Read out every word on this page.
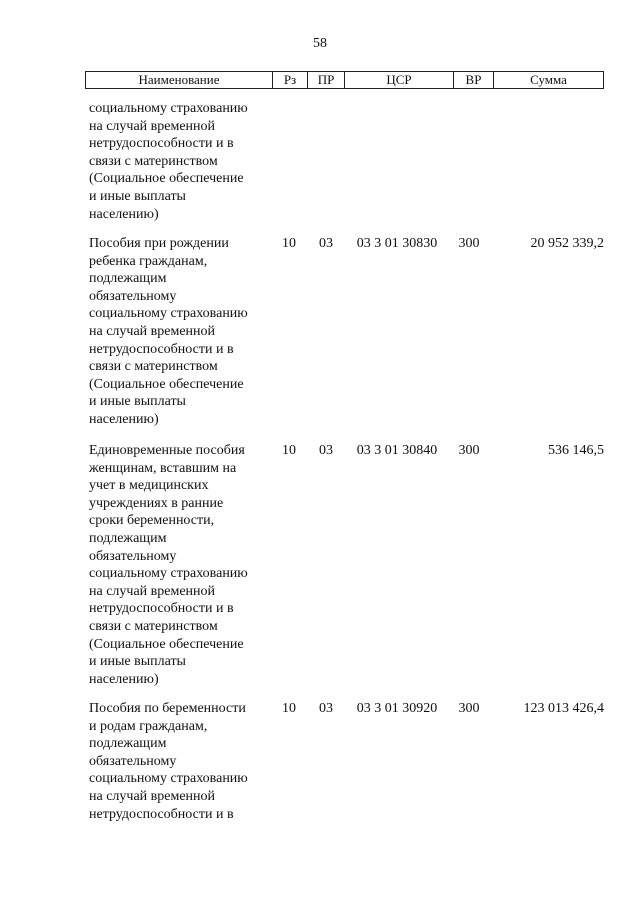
58
Наименование	Рз	ПР	ЦСР	ВР	Сумма
социальному страхованию
на случай временной
нетрудоспособности и в
связи с материнством
(Социальное обеспечение
и иные выплаты
населению)
Пособия при рождении
ребенка гражданам,
подлежащим
обязательному
социальному страхованию
на случай временной
нетрудоспособности и в
связи с материнством
(Социальное обеспечение
и иные выплаты
населению)
10	03	03 3 01 30830	300	20 952 339,2
Единовременные пособия
женщинам, вставшим на
учет в медицинских
учреждениях в ранние
сроки беременности,
подлежащим
обязательному
социальному страхованию
на случай временной
нетрудоспособности и в
связи с материнством
(Социальное обеспечение
и иные выплаты
населению)
10	03	03 3 01 30840	300	536 146,5
Пособия по беременности
и родам гражданам,
подлежащим
обязательному
социальному страхованию
на случай временной
нетрудоспособности и в
10	03	03 3 01 30920	300	123 013 426,4
